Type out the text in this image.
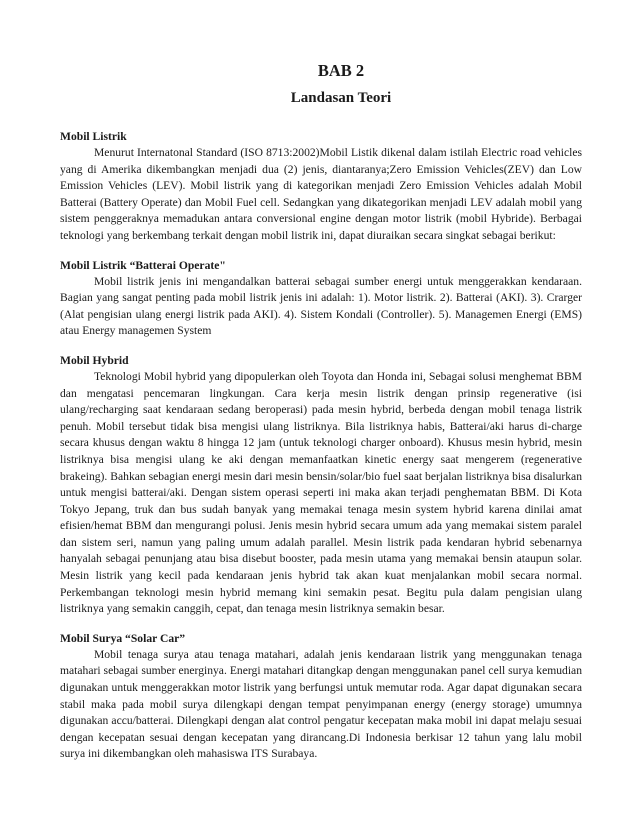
BAB 2
Landasan Teori
Mobil Listrik

Menurut Internatonal Standard (ISO 8713:2002)Mobil Listik dikenal dalam istilah Electric road vehicles yang di Amerika dikembangkan menjadi dua (2) jenis, diantaranya;Zero Emission Vehicles(ZEV) dan Low Emission Vehicles (LEV). Mobil listrik yang di kategorikan menjadi Zero Emission Vehicles adalah Mobil Batterai (Battery Operate) dan Mobil Fuel cell. Sedangkan yang dikategorikan menjadi LEV adalah mobil yang sistem penggeraknya memadukan antara conversional engine dengan motor listrik (mobil Hybride). Berbagai teknologi yang berkembang terkait dengan mobil listrik ini, dapat diuraikan secara singkat sebagai berikut:

Mobil Listrik “Batterai Operate"

Mobil listrik jenis ini mengandalkan batterai sebagai sumber energi untuk menggerakkan kendaraan. Bagian yang sangat penting pada mobil listrik jenis ini adalah: 1). Motor listrik. 2). Batterai (AKI). 3). Crarger (Alat pengisian ulang energi listrik pada AKI). 4). Sistem Kondali (Controller). 5). Managemen Energi (EMS) atau Energy managemen System

Mobil Hybrid

Teknologi Mobil hybrid yang dipopulerkan oleh Toyota dan Honda ini, Sebagai solusi menghemat BBM dan mengatasi pencemaran lingkungan. Cara kerja mesin listrik dengan prinsip regenerative (isi ulang/recharging saat kendaraan sedang beroperasi) pada mesin hybrid, berbeda dengan mobil tenaga listrik penuh. Mobil tersebut tidak bisa mengisi ulang listriknya. Bila listriknya habis, Batterai/aki harus di-charge secara khusus dengan waktu 8 hingga 12 jam (untuk teknologi charger onboard). Khusus mesin hybrid, mesin listriknya bisa mengisi ulang ke aki dengan memanfaatkan kinetic energy saat mengerem (regenerative brakeing). Bahkan sebagian energi mesin dari mesin bensin/solar/bio fuel saat berjalan listriknya bisa disalurkan untuk mengisi batterai/aki. Dengan sistem operasi seperti ini maka akan terjadi penghematan BBM. Di Kota Tokyo Jepang, truk dan bus sudah banyak yang memakai tenaga mesin system hybrid karena dinilai amat efisien/hemat BBM dan mengurangi polusi. Jenis mesin hybrid secara umum ada yang memakai sistem paralel dan sistem seri, namun yang paling umum adalah parallel. Mesin listrik pada kendaran hybrid sebenarnya hanyalah sebagai penunjang atau bisa disebut booster, pada mesin utama yang memakai bensin ataupun solar. Mesin listrik yang kecil pada kendaraan jenis hybrid tak akan kuat menjalankan mobil secara normal. Perkembangan teknologi mesin hybrid memang kini semakin pesat. Begitu pula dalam pengisian ulang listriknya yang semakin canggih, cepat, dan tenaga mesin listriknya semakin besar.

Mobil Surya “Solar Car”

Mobil tenaga surya atau tenaga matahari, adalah jenis kendaraan listrik yang menggunakan tenaga matahari sebagai sumber energinya. Energi matahari ditangkap dengan menggunakan panel cell surya kemudian digunakan untuk menggerakkan motor listrik yang berfungsi untuk memutar roda. Agar dapat digunakan secara stabil maka pada mobil surya dilengkapi dengan tempat penyimpanan energy (energy storage) umumnya digunakan accu/batterai. Dilengkapi dengan alat control pengatur kecepatan maka mobil ini dapat melaju sesuai dengan kecepatan sesuai dengan kecepatan yang dirancang.Di Indonesia berkisar 12 tahun yang lalu mobil surya ini dikembangkan oleh mahasiswa ITS Surabaya.
